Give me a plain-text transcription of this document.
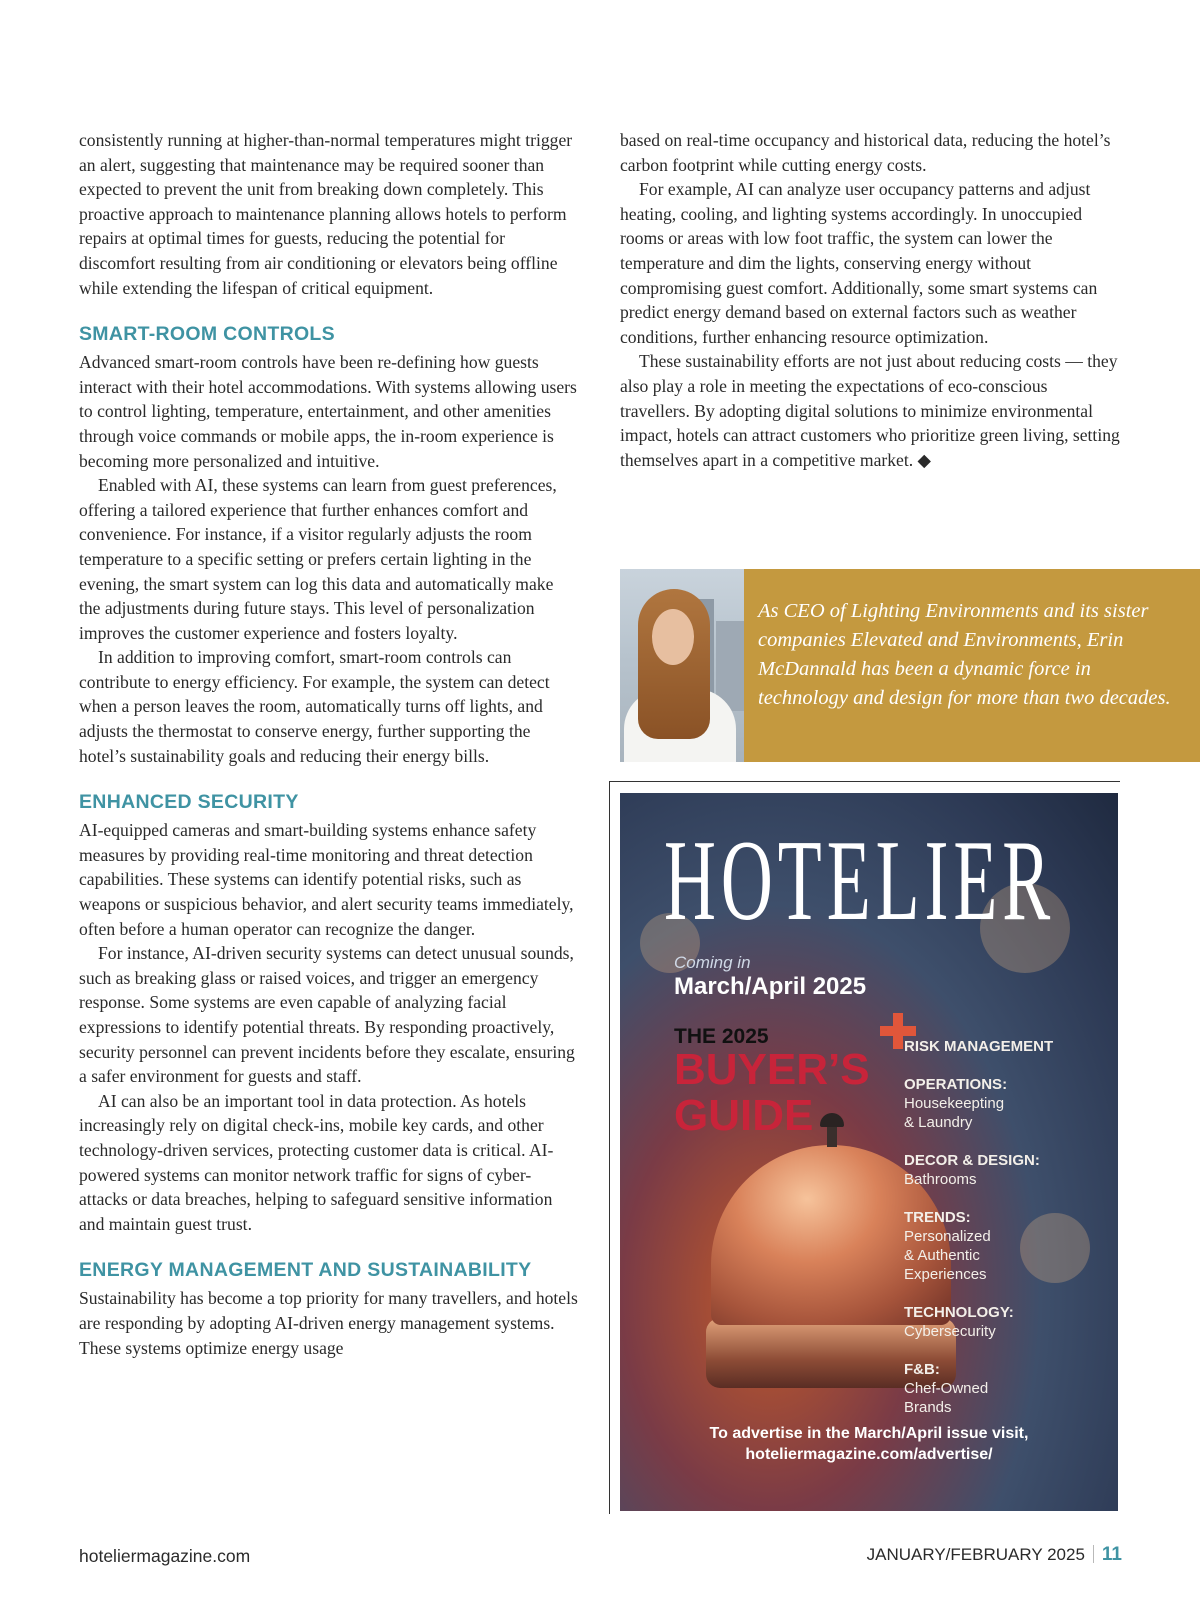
consistently running at higher-than-normal temperatures might trigger an alert, suggesting that maintenance may be required sooner than expected to prevent the unit from breaking down completely. This proactive approach to maintenance planning allows hotels to perform repairs at optimal times for guests, reducing the potential for discomfort resulting from air conditioning or elevators being offline while extending the lifespan of critical equipment.

SMART-ROOM CONTROLS

Advanced smart-room controls have been re-defining how guests interact with their hotel accommodations. With systems allowing users to control lighting, temperature, entertainment, and other amenities through voice commands or mobile apps, the in-room experience is becoming more personalized and intuitive.

Enabled with AI, these systems can learn from guest preferences, offering a tailored experience that further enhances comfort and convenience. For instance, if a visitor regularly adjusts the room temperature to a specific setting or prefers certain lighting in the evening, the smart system can log this data and automatically make the adjustments during future stays. This level of personalization improves the customer experience and fosters loyalty.

In addition to improving comfort, smart-room controls can contribute to energy efficiency. For example, the system can detect when a person leaves the room, automatically turns off lights, and adjusts the thermostat to conserve energy, further supporting the hotel’s sustainability goals and reducing their energy bills.

ENHANCED SECURITY

AI-equipped cameras and smart-building systems enhance safety measures by providing real-time monitoring and threat detection capabilities. These systems can identify potential risks, such as weapons or suspicious behavior, and alert security teams immediately, often before a human operator can recognize the danger.

For instance, AI-driven security systems can detect unusual sounds, such as breaking glass or raised voices, and trigger an emergency response. Some systems are even capable of analyzing facial expressions to identify potential threats. By responding proactively, security personnel can prevent incidents before they escalate, ensuring a safer environment for guests and staff.

AI can also be an important tool in data protection. As hotels increasingly rely on digital check-ins, mobile key cards, and other technology-driven services, protecting customer data is critical. AI-powered systems can monitor network traffic for signs of cyber-attacks or data breaches, helping to safeguard sensitive information and maintain guest trust.

ENERGY MANAGEMENT AND SUSTAINABILITY

Sustainability has become a top priority for many travellers, and hotels are responding by adopting AI-driven energy management systems. These systems optimize energy usage

based on real-time occupancy and historical data, reducing the hotel’s carbon footprint while cutting energy costs.

For example, AI can analyze user occupancy patterns and adjust heating, cooling, and lighting systems accordingly. In unoccupied rooms or areas with low foot traffic, the system can lower the temperature and dim the lights, conserving energy without compromising guest comfort. Additionally, some smart systems can predict energy demand based on external factors such as weather conditions, further enhancing resource optimization.

These sustainability efforts are not just about reducing costs — they also play a role in meeting the expectations of eco-conscious travellers. By adopting digital solutions to minimize environmental impact, hotels can attract customers who prioritize green living, setting themselves apart in a competitive market. ◆

As CEO of Lighting Environments and its sister companies Elevated and Environments, Erin McDannald has been a dynamic force in technology and design for more than two decades.
HOTELIER
Coming in
March/April 2025
THE 2025
BUYER’S
GUIDE
RISK MANAGEMENT
OPERATIONS:
Housekeepting
& Laundry
DECOR & DESIGN:
Bathrooms
TRENDS:
Personalized
& Authentic
Experiences
TECHNOLOGY:
Cybersecurity
F&B:
Chef-Owned
Brands
To advertise in the March/April issue visit,
hoteliermagazine.com/advertise/
hoteliermagazine.com	JANUARY/FEBRUARY 2025 11
